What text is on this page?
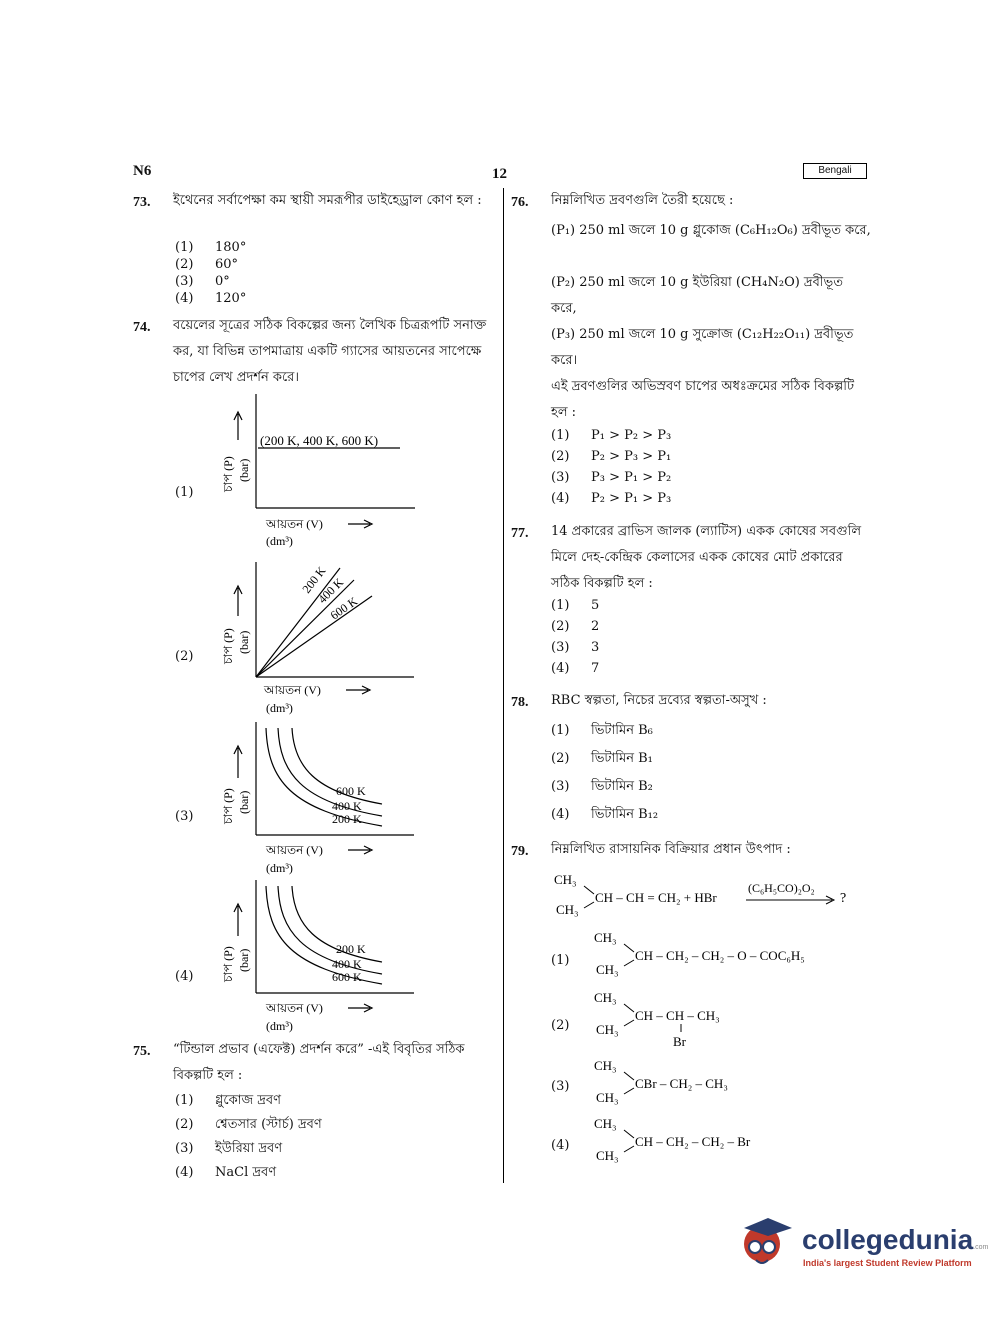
N6	12	Bengali
73. ইথেনের সর্বাপেক্ষা কম স্থায়ী সমরূপীর ডাইহেড্রাল কোণ হল :
(1) 180°
(2) 60°
(3) 0°
(4) 120°
74. বয়েলের সূত্রের সঠিক বিকল্পের জন্য লৈখিক চিত্ররূপটি সনাক্ত কর, যা বিভিন্ন তাপমাত্রায় একটি গ্যাসের আয়তনের সাপেক্ষে চাপের লেখ প্রদর্শন করে।
(1)
চাপ (P) (bar)
(200 K, 400 K, 600 K)
আয়তন (V)
(dm³)
(2) চাপ (P) (bar)
200 K
400 K
600 K
আয়তন (V)
(dm³)
(3) চাপ (P) (bar)	600 K
400 K
200 K
আয়তন (V)
(dm³)
(4) চাপ (P) (bar)	200 K
400 K
600 K
আয়তন (V)
(dm³)
75. “টিন্ডাল প্রভাব (এফেক্ট) প্রদর্শন করে” -এই বিবৃতির সঠিক বিকল্পটি হল :
(1) গ্লুকোজ দ্রবণ
(2) শ্বেতসার (স্টার্চ) দ্রবণ
(3) ইউরিয়া দ্রবণ
(4) NaCl দ্রবণ
76. নিম্নলিখিত দ্রবণগুলি তৈরী হয়েছে :
(P₁) 250 ml জলে 10 g গ্লুকোজ (C₆H₁₂O₆) দ্রবীভূত করে,
(P₂) 250 ml জলে 10 g ইউরিয়া (CH₄N₂O) দ্রবীভূত করে,
(P₃) 250 ml জলে 10 g সুক্রোজ (C₁₂H₂₂O₁₁) দ্রবীভূত করে।
এই দ্রবণগুলির অভিস্রবণ চাপের অধঃক্রমের সঠিক বিকল্পটি হল :
(1) P₁ > P₂ > P₃
(2) P₂ > P₃ > P₁
(3) P₃ > P₁ > P₂
(4) P₂ > P₁ > P₃
77. 14 প্রকারের ব্রাভিস জালক (ল্যাটিস) একক কোষের সবগুলি মিলে দেহ-কেন্দ্রিক কেলাসের একক কোষের মোট প্রকারের সঠিক বিকল্পটি হল :
(1) 5
(2) 2
(3) 3
(4) 7
78. RBC স্বল্পতা, নিচের দ্রব্যের স্বল্পতা-অসুখ :
(1) ভিটামিন B₆
(2) ভিটামিন B₁
(3) ভিটামিন B₂
(4) ভিটামিন B₁₂
79. নিম্নলিখিত রাসায়নিক বিক্রিয়ার প্রধান উৎপাদ :
CH₃
CH₃
CH – CH = CH₂ + HBr
(C₆H₅CO)₂O₂
?
(1)
CH₃
CH₃
CH – CH₂ – CH₂ – O – COC₆H₅
(2)
CH₃
CH₃
CH – CH – CH₃
Br
(3)
CH₃
CH₃
CBr – CH₂ – CH₃
(4)
CH₃
CH₃
CH – CH₂ – CH₂ – Br
collegedunia.com
India's largest Student Review Platform
